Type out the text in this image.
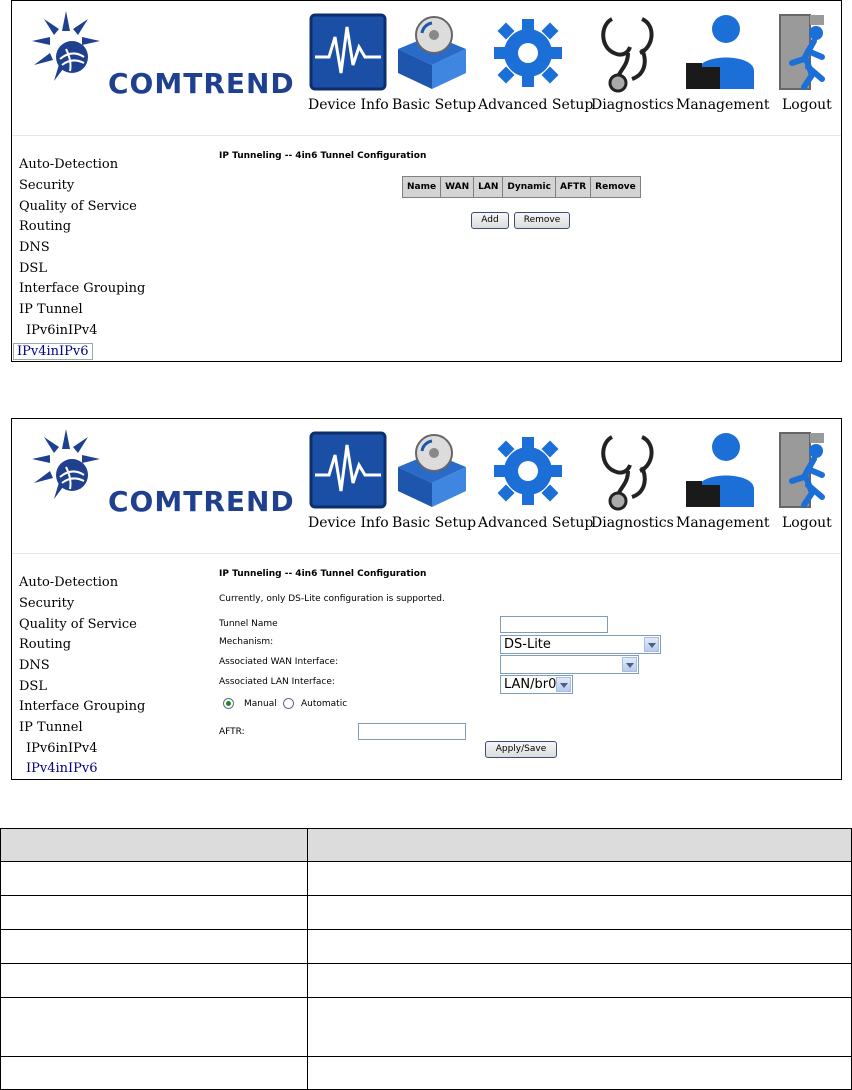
COMTREND
Device Info Basic Setup Advanced Setup
Diagnostics Management Logout
Auto-Detection
Security
Quality of Service
Routing
DNS
DSL
Interface Grouping
IP Tunnel
IPv6inIPv4
IPv4inIPv6
IP Tunneling -- 4in6 Tunnel Configuration
Name	WAN	LAN	Dynamic	AFTR	Remove
Add	Remove
COMTREND
Device Info Basic Setup Advanced Setup
Diagnostics Management Logout
Auto-Detection
Security
Quality of Service
Routing
DNS
DSL
Interface Grouping
IP Tunnel
IPv6inIPv4
IPv4inIPv6
IP Tunneling -- 4in6 Tunnel Configuration
Currently, only DS-Lite configuration is supported.
Tunnel Name
Mechanism:	DS-Lite
Associated WAN Interface:
Associated LAN Interface:	LAN/br0
Manual	Automatic
AFTR:
Apply/Save
